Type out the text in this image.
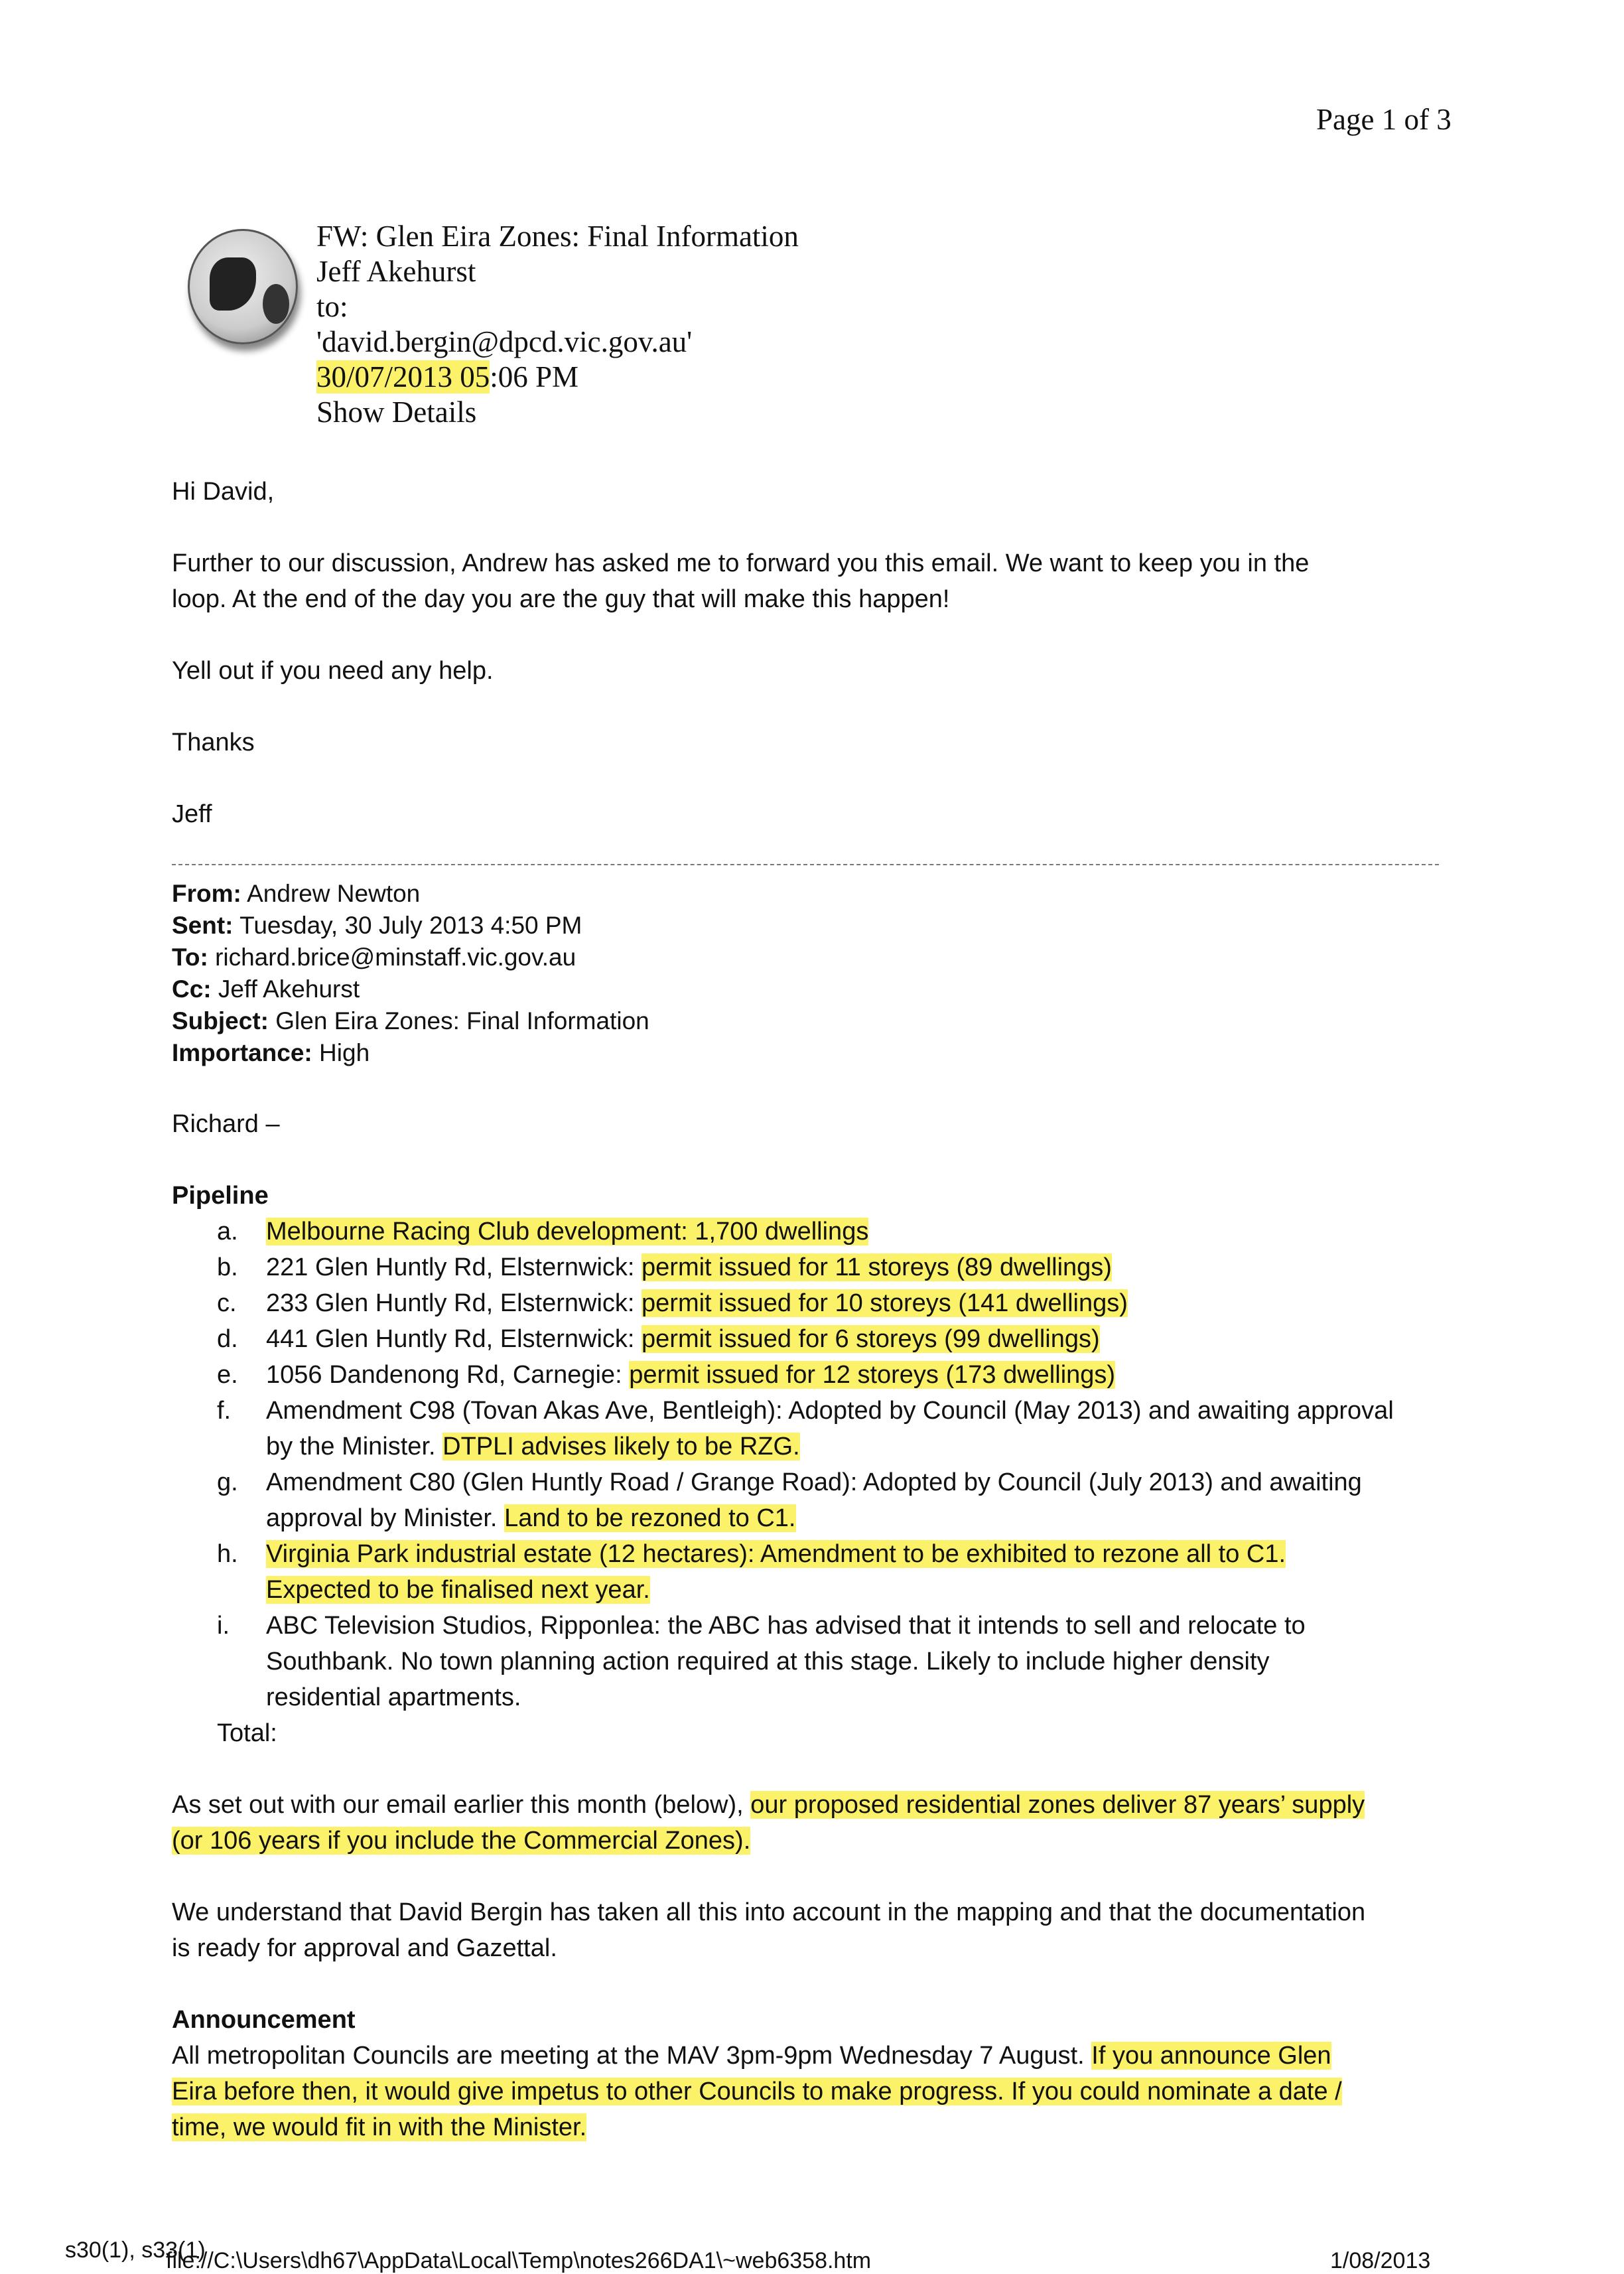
Page 1 of 3
FW: Glen Eira Zones: Final Information
Jeff Akehurst
to:
'david.bergin@dpcd.vic.gov.au'
30/07/2013 05:06 PM
Show Details
Hi David,
Further to our discussion, Andrew has asked me to forward you this email. We want to keep you in the
loop. At the end of the day you are the guy that will make this happen!
Yell out if you need any help.
Thanks
Jeff
From: Andrew Newton
Sent: Tuesday, 30 July 2013 4:50 PM
To: richard.brice@minstaff.vic.gov.au
Cc: Jeff Akehurst
Subject: Glen Eira Zones: Final Information
Importance: High
Richard –
Pipeline
a. Melbourne Racing Club development: 1,700 dwellings
b. 221 Glen Huntly Rd, Elsternwick: permit issued for 11 storeys (89 dwellings)
c. 233 Glen Huntly Rd, Elsternwick: permit issued for 10 storeys (141 dwellings)
d. 441 Glen Huntly Rd, Elsternwick: permit issued for 6 storeys (99 dwellings)
e. 1056 Dandenong Rd, Carnegie: permit issued for 12 storeys (173 dwellings)
f. Amendment C98 (Tovan Akas Ave, Bentleigh): Adopted by Council (May 2013) and awaiting approval
by the Minister. DTPLI advises likely to be RZG.
g. Amendment C80 (Glen Huntly Road / Grange Road): Adopted by Council (July 2013) and awaiting
approval by Minister. Land to be rezoned to C1.
h. Virginia Park industrial estate (12 hectares): Amendment to be exhibited to rezone all to C1.
Expected to be finalised next year.
i. ABC Television Studios, Ripponlea: the ABC has advised that it intends to sell and relocate to
Southbank. No town planning action required at this stage. Likely to include higher density
residential apartments.
Total:
As set out with our email earlier this month (below), our proposed residential zones deliver 87 years’ supply
(or 106 years if you include the Commercial Zones).
We understand that David Bergin has taken all this into account in the mapping and that the documentation
is ready for approval and Gazettal.
Announcement
All metropolitan Councils are meeting at the MAV 3pm-9pm Wednesday 7 August. If you announce Glen
Eira before then, it would give impetus to other Councils to make progress. If you could nominate a date /
time, we would fit in with the Minister.
s30(1), s33(1)
file://C:\Users\dh67\AppData\Local\Temp\notes266DA1\~web6358.htm	1/08/2013
